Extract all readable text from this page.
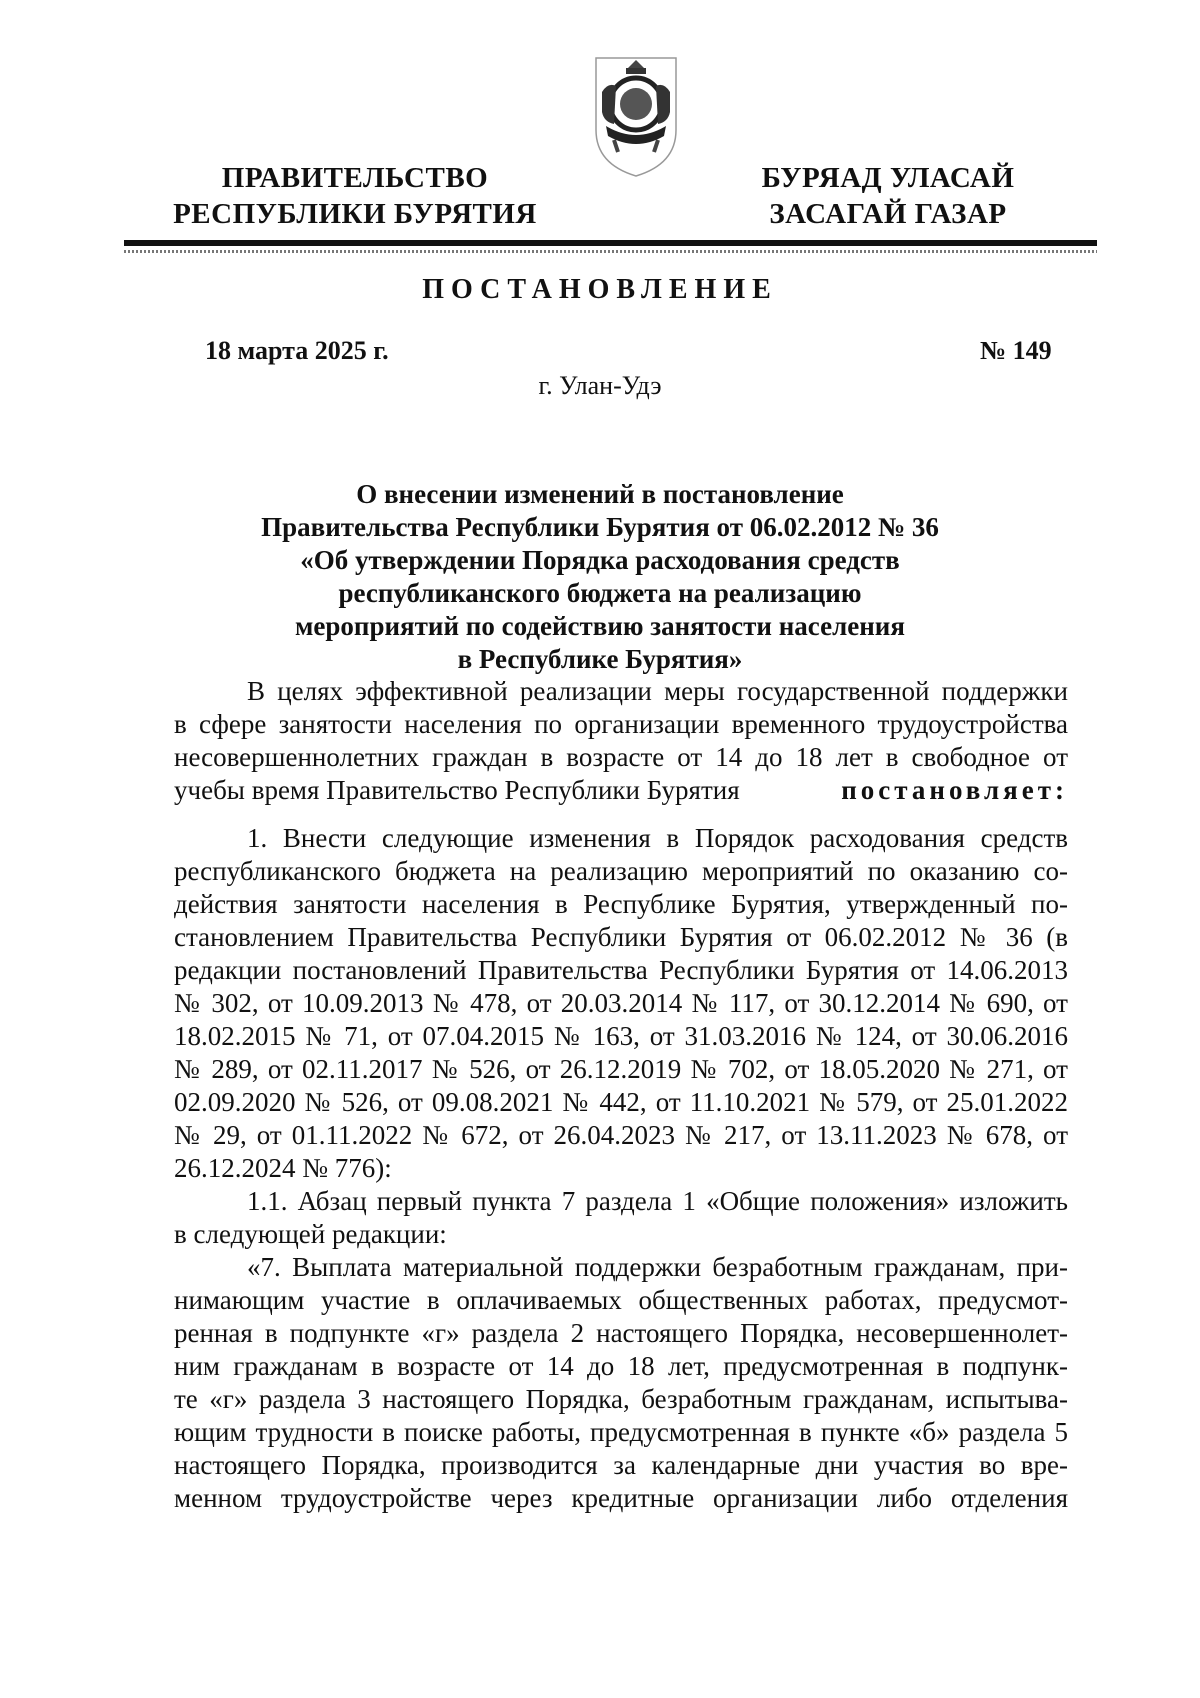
ПРАВИТЕЛЬСТВО
РЕСПУБЛИКИ БУРЯТИЯ
БУРЯАД УЛАСАЙ
ЗАСАГАЙ ГАЗАР
ПОСТАНОВЛЕНИЕ
18 марта 2025 г.	№ 149
г. Улан-Удэ
О внесении изменений в постановление
Правительства Республики Бурятия от 06.02.2012 № 36
«Об утверждении Порядка расходования средств
республиканского бюджета на реализацию
мероприятий по содействию занятости населения
в Республике Бурятия»
В целях эффективной реализации меры государственной поддержки
в сфере занятости населения по организации временного трудоустройства
несовершеннолетних граждан в возрасте от 14 до 18 лет в свободное от
учебы время Правительство Республики Бурятия	постановляет:
1. Внести следующие изменения в Порядок расходования средств
республиканского бюджета на реализацию мероприятий по оказанию со-
действия занятости населения в Республике Бурятия, утвержденный по-
становлением Правительства Республики Бурятия от 06.02.2012 № 36 (в
редакции постановлений Правительства Республики Бурятия от 14.06.2013
№ 302, от 10.09.2013 № 478, от 20.03.2014 № 117, от 30.12.2014 № 690, от
18.02.2015 № 71, от 07.04.2015 № 163, от 31.03.2016 № 124, от 30.06.2016
№ 289, от 02.11.2017 № 526, от 26.12.2019 № 702, от 18.05.2020 № 271, от
02.09.2020 № 526, от 09.08.2021 № 442, от 11.10.2021 № 579, от 25.01.2022
№ 29, от 01.11.2022 № 672, от 26.04.2023 № 217, от 13.11.2023 № 678, от
26.12.2024 № 776):
1.1. Абзац первый пункта 7 раздела 1 «Общие положения» изложить
в следующей редакции:
«7. Выплата материальной поддержки безработным гражданам, при-
нимающим участие в оплачиваемых общественных работах, предусмот-
ренная в подпункте «г» раздела 2 настоящего Порядка, несовершеннолет-
ним гражданам в возрасте от 14 до 18 лет, предусмотренная в подпунк-
те «г» раздела 3 настоящего Порядка, безработным гражданам, испытыва-
ющим трудности в поиске работы, предусмотренная в пункте «б» раздела 5
настоящего Порядка, производится за календарные дни участия во вре-
менном трудоустройстве через кредитные организации либо отделения
